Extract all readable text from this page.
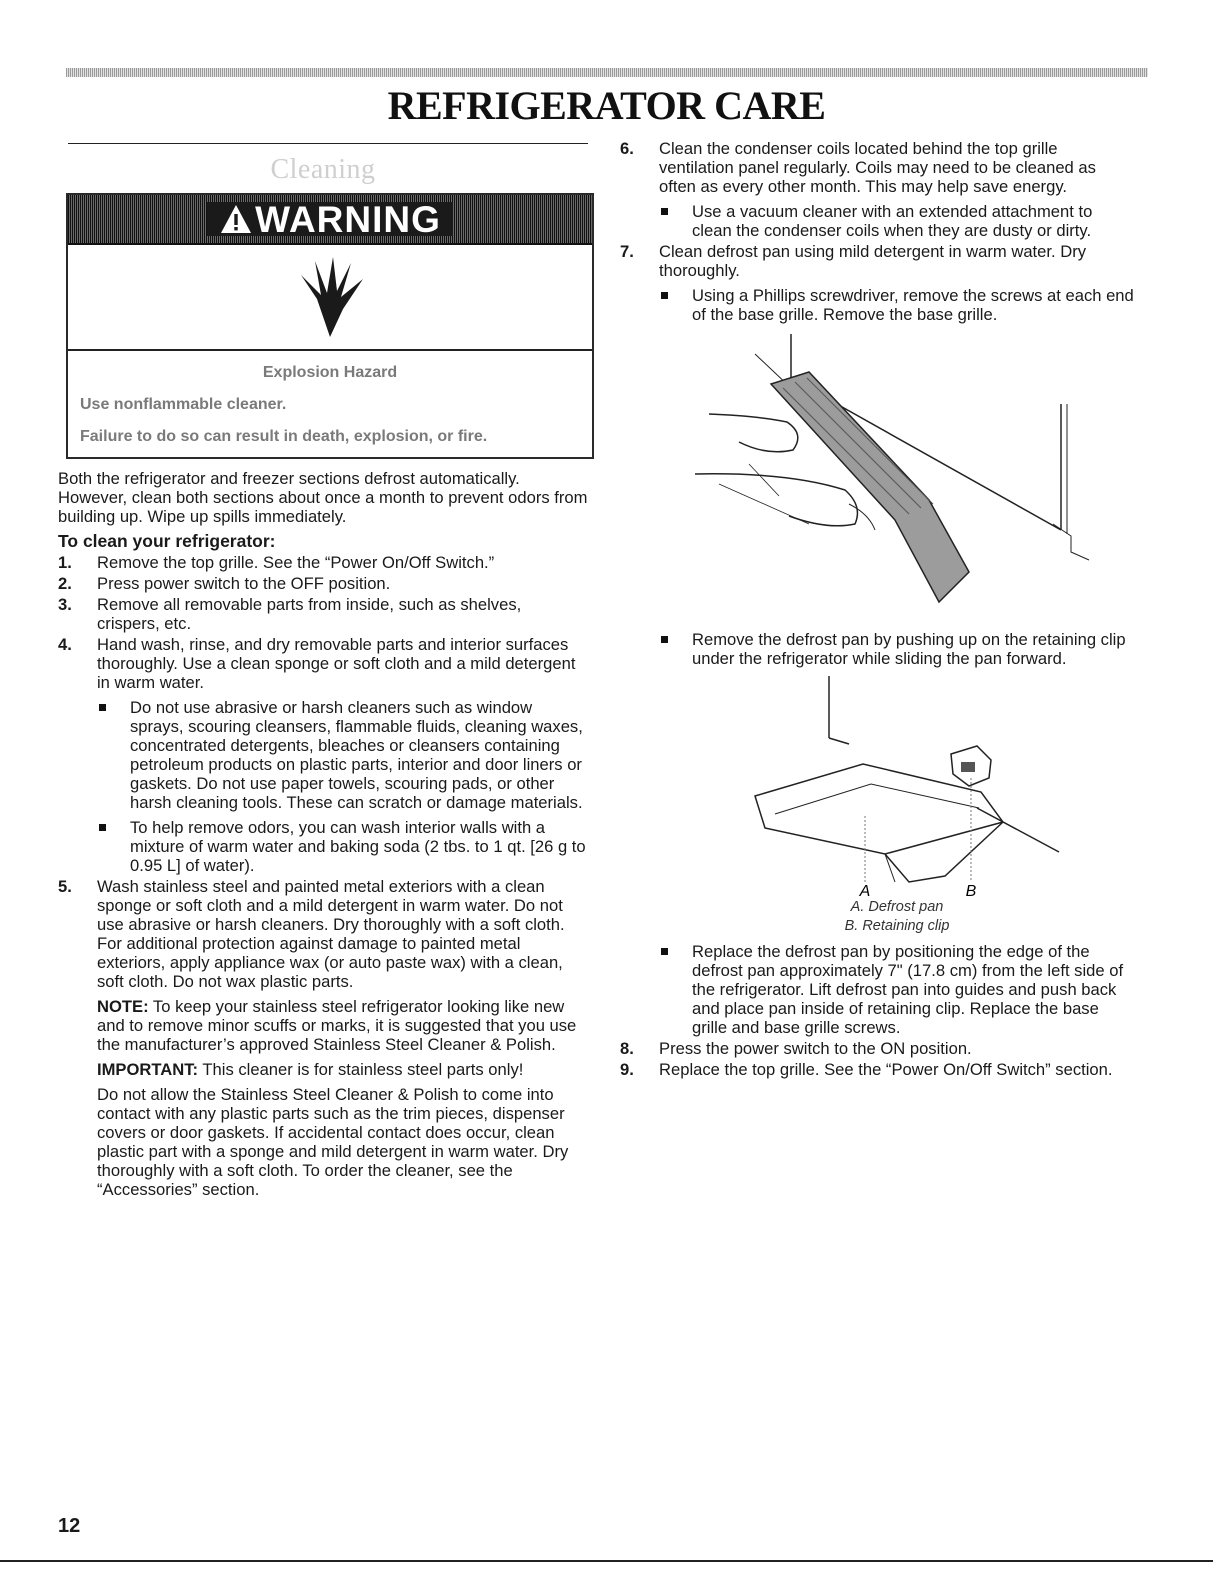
REFRIGERATOR CARE
Cleaning
WARNING
Explosion Hazard

Use nonflammable cleaner.

Failure to do so can result in death, explosion, or fire.

Both the refrigerator and freezer sections defrost automatically. However, clean both sections about once a month to prevent odors from building up. Wipe up spills immediately.
To clean your refrigerator:
1.	Remove the top grille. See the “Power On/Off Switch.”
2.	Press power switch to the OFF position.
3.	Remove all removable parts from inside, such as shelves, crispers, etc.
4.	Hand wash, rinse, and dry removable parts and interior surfaces thoroughly. Use a clean sponge or soft cloth and a mild detergent in warm water.
Do not use abrasive or harsh cleaners such as window sprays, scouring cleansers, flammable fluids, cleaning waxes, concentrated detergents, bleaches or cleansers containing petroleum products on plastic parts, interior and door liners or gaskets. Do not use paper towels, scouring pads, or other harsh cleaning tools. These can scratch or damage materials.
To help remove odors, you can wash interior walls with a mixture of warm water and baking soda (2 tbs. to 1 qt. [26 g to 0.95 L] of water).
5.	Wash stainless steel and painted metal exteriors with a clean sponge or soft cloth and a mild detergent in warm water. Do not use abrasive or harsh cleaners. Dry thoroughly with a soft cloth. For additional protection against damage to painted metal exteriors, apply appliance wax (or auto paste wax) with a clean, soft cloth. Do not wax plastic parts.
NOTE: To keep your stainless steel refrigerator looking like new and to remove minor scuffs or marks, it is suggested that you use the manufacturer’s approved Stainless Steel Cleaner & Polish.
IMPORTANT: This cleaner is for stainless steel parts only!
Do not allow the Stainless Steel Cleaner & Polish to come into contact with any plastic parts such as the trim pieces, dispenser covers or door gaskets. If accidental contact does occur, clean plastic part with a sponge and mild detergent in warm water. Dry thoroughly with a soft cloth. To order the cleaner, see the “Accessories” section.
6.	Clean the condenser coils located behind the top grille ventilation panel regularly. Coils may need to be cleaned as often as every other month. This may help save energy.
Use a vacuum cleaner with an extended attachment to clean the condenser coils when they are dusty or dirty.
7.	Clean defrost pan using mild detergent in warm water. Dry thoroughly.
Using a Phillips screwdriver, remove the screws at each end of the base grille. Remove the base grille.
Remove the defrost pan by pushing up on the retaining clip under the refrigerator while sliding the pan forward.
A	B
A. Defrost pan
B. Retaining clip
Replace the defrost pan by positioning the edge of the defrost pan approximately 7" (17.8 cm) from the left side of the refrigerator. Lift defrost pan into guides and push back and place pan inside of retaining clip. Replace the base grille and base grille screws.
8.	Press the power switch to the ON position.
9.	Replace the top grille. See the “Power On/Off Switch” section.
12
